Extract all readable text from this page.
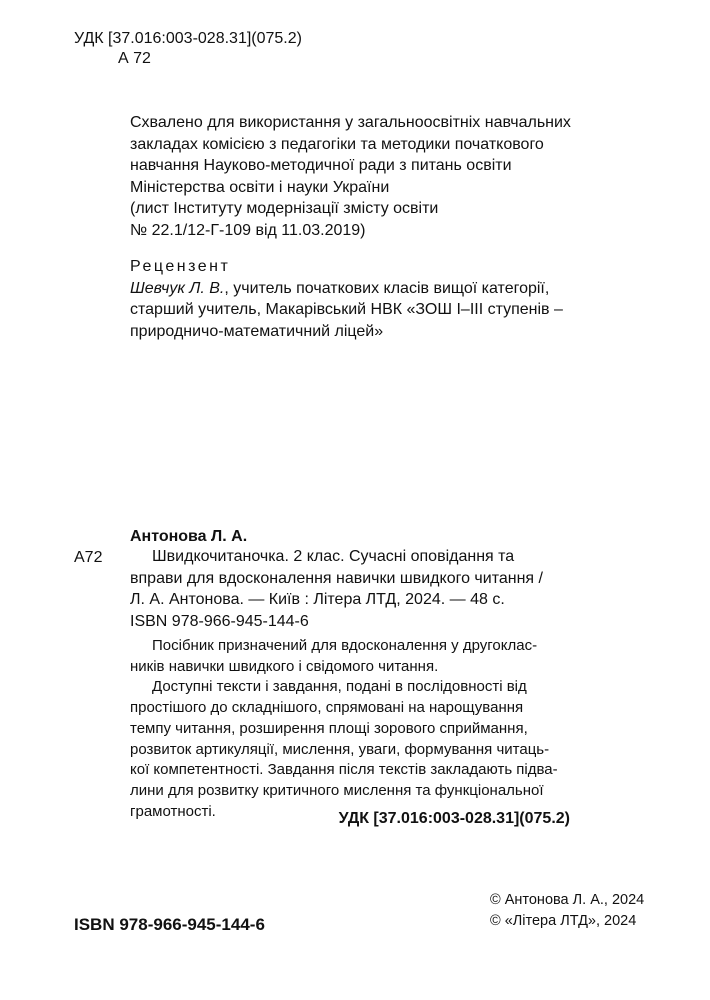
УДК [37.016:003-028.31](075.2)
А 72
Схвалено для використання у загальноосвітніх навчальних
закладах комісією з педагогіки та методики початкового
навчання Науково-методичної ради з питань освіти
Міністерства освіти і науки України
(лист Інституту модернізації змісту освіти
№ 22.1/12-Г-109 від 11.03.2019)
Рецензент
Шевчук Л. В., учитель початкових класів вищої категорії,
старший учитель, Макарівський НВК «ЗОШ І–ІІІ ступенів –
природничо-математичний ліцей»
Антонова Л. А.
А72	Швидкочитаночка. 2 клас. Сучасні оповідання та
вправи для вдосконалення навички швидкого читання /
Л. А. Антонова. — Київ : Літера ЛТД, 2024. — 48 с.
ISBN 978-966-945-144-6
Посібник призначений для вдосконалення у другоклас-
ників навички швидкого і свідомого читання.
Доступні тексти і завдання, подані в послідовності від
простішого до складнішого, спрямовані на нарощування
темпу читання, розширення площі зорового сприймання,
розвиток артикуляції, мислення, уваги, формування читаць-
кої компетентності. Завдання після текстів закладають підва-
лини для розвитку критичного мислення та функціональної
грамотності.	УДК [37.016:003-028.31](075.2)
ISBN 978-966-945-144-6
© Антонова Л. А., 2024
© «Літера ЛТД», 2024
